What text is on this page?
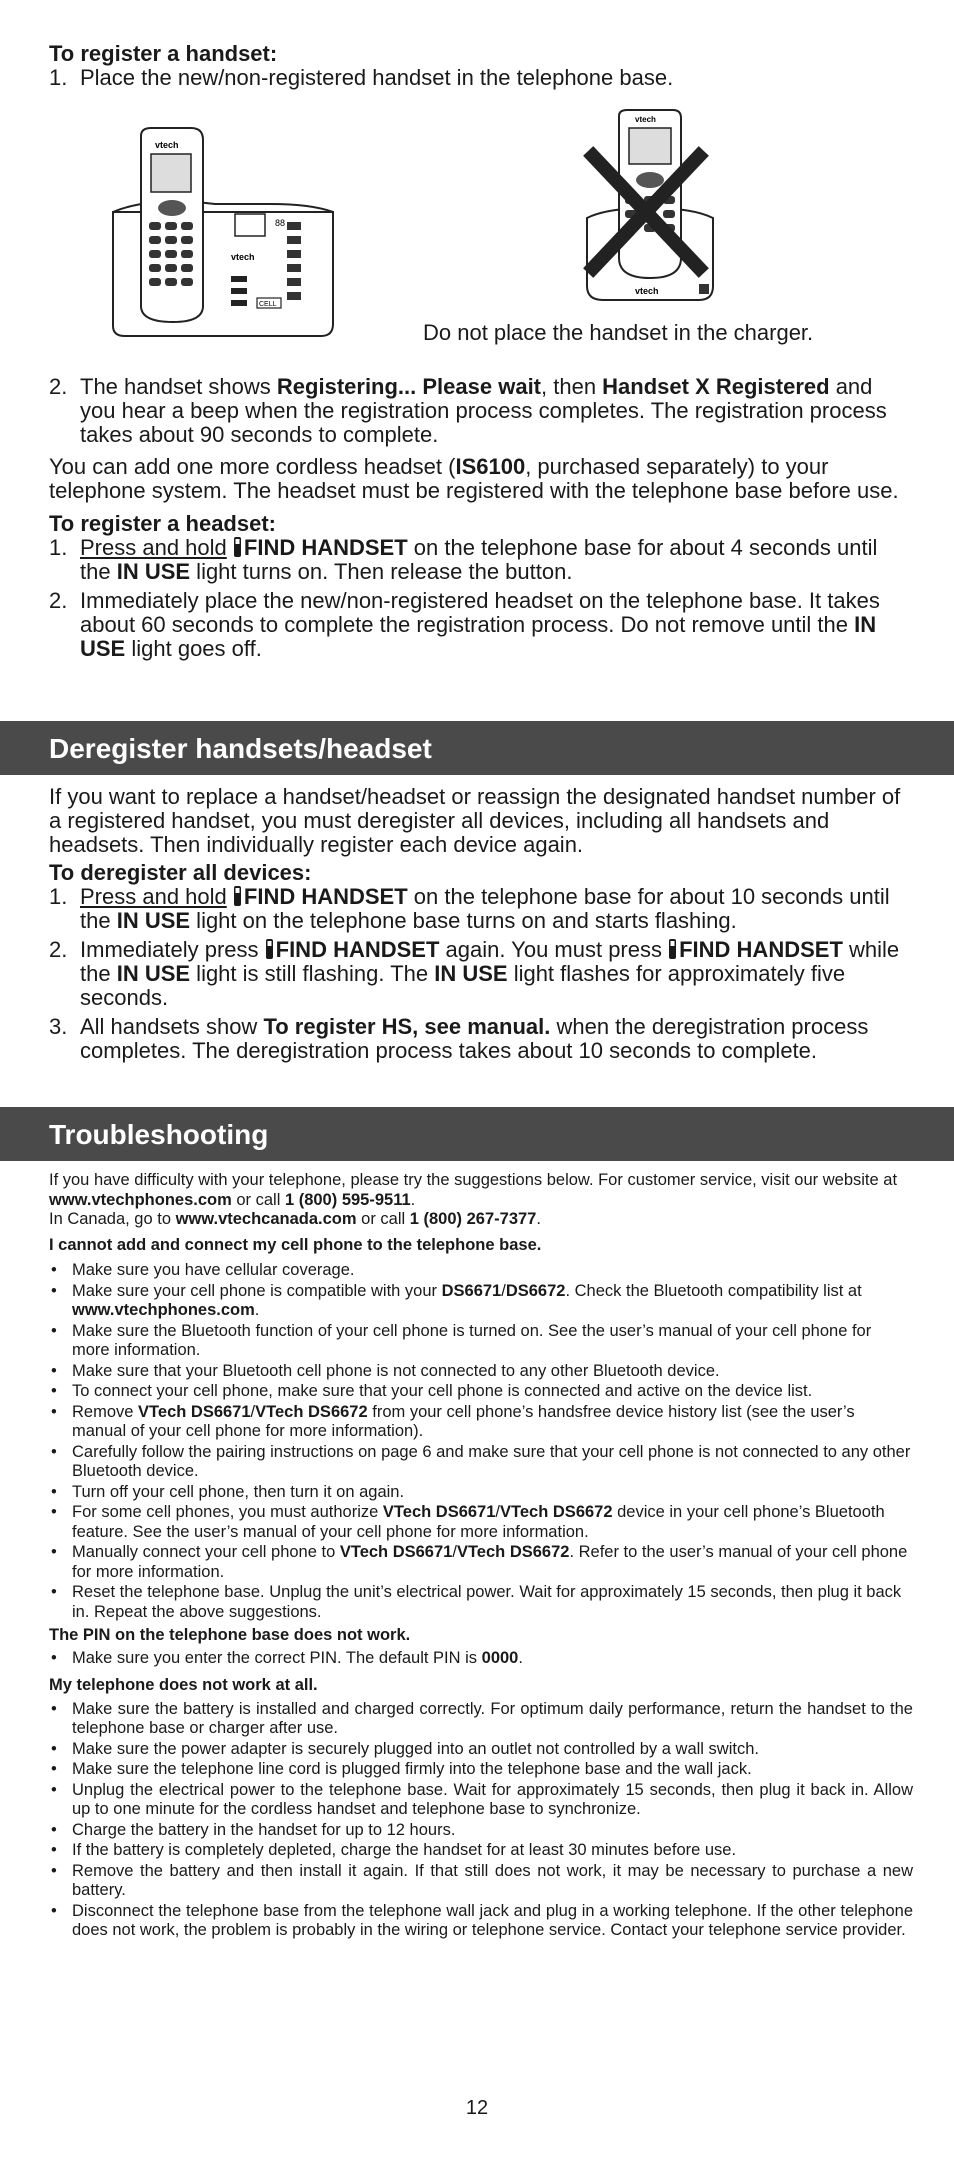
To register a handset:
1. Place the new/non-registered handset in the telephone base.
88
CELL
vtech
vtech
vtech
vtech
Do not place the handset in the charger.
2. The handset shows Registering... Please wait, then Handset X Registered and you hear a beep when the registration process completes. The registration process takes about 90 seconds to complete.
You can add one more cordless headset (IS6100, purchased separately) to your telephone system. The headset must be registered with the telephone base before use.
To register a headset:
1. Press and hold FIND HANDSET on the telephone base for about 4 seconds until the IN USE light turns on. Then release the button.
2. Immediately place the new/non-registered headset on the telephone base. It takes about 60 seconds to complete the registration process. Do not remove until the IN USE light goes off.
Deregister handsets/headset
If you want to replace a handset/headset or reassign the designated handset number of a registered handset, you must deregister all devices, including all handsets and headsets. Then individually register each device again.
To deregister all devices:
1. Press and hold FIND HANDSET on the telephone base for about 10 seconds until the IN USE light on the telephone base turns on and starts flashing.
2. Immediately press FIND HANDSET again. You must press FIND HANDSET while the IN USE light is still flashing. The IN USE light flashes for approximately five seconds.
3. All handsets show To register HS, see manual. when the deregistration process completes. The deregistration process takes about 10 seconds to complete.
Troubleshooting
If you have difficulty with your telephone, please try the suggestions below. For customer service, visit our website at www.vtechphones.com or call 1 (800) 595-9511.
In Canada, go to www.vtechcanada.com or call 1 (800) 267-7377.
I cannot add and connect my cell phone to the telephone base.
• Make sure you have cellular coverage.
• Make sure your cell phone is compatible with your DS6671/DS6672. Check the Bluetooth compatibility list at www.vtechphones.com.
• Make sure the Bluetooth function of your cell phone is turned on. See the user’s manual of your cell phone for more information.
• Make sure that your Bluetooth cell phone is not connected to any other Bluetooth device.
• To connect your cell phone, make sure that your cell phone is connected and active on the device list.
• Remove VTech DS6671/VTech DS6672 from your cell phone’s handsfree device history list (see the user’s manual of your cell phone for more information).
• Carefully follow the pairing instructions on page 6 and make sure that your cell phone is not connected to any other Bluetooth device.
• Turn off your cell phone, then turn it on again.
• For some cell phones, you must authorize VTech DS6671/VTech DS6672 device in your cell phone’s Bluetooth feature. See the user’s manual of your cell phone for more information.
• Manually connect your cell phone to VTech DS6671/VTech DS6672. Refer to the user’s manual of your cell phone for more information.
• Reset the telephone base. Unplug the unit’s electrical power. Wait for approximately 15 seconds, then plug it back in. Repeat the above suggestions.
The PIN on the telephone base does not work.
• Make sure you enter the correct PIN. The default PIN is 0000.
My telephone does not work at all.
• Make sure the battery is installed and charged correctly. For optimum daily performance, return the handset to the telephone base or charger after use.
• Make sure the power adapter is securely plugged into an outlet not controlled by a wall switch.
• Make sure the telephone line cord is plugged firmly into the telephone base and the wall jack.
• Unplug the electrical power to the telephone base. Wait for approximately 15 seconds, then plug it back in. Allow up to one minute for the cordless handset and telephone base to synchronize.
• Charge the battery in the handset for up to 12 hours.
• If the battery is completely depleted, charge the handset for at least 30 minutes before use.
• Remove the battery and then install it again. If that still does not work, it may be necessary to purchase a new battery.
• Disconnect the telephone base from the telephone wall jack and plug in a working telephone. If the other telephone does not work, the problem is probably in the wiring or telephone service. Contact your telephone service provider.
12
